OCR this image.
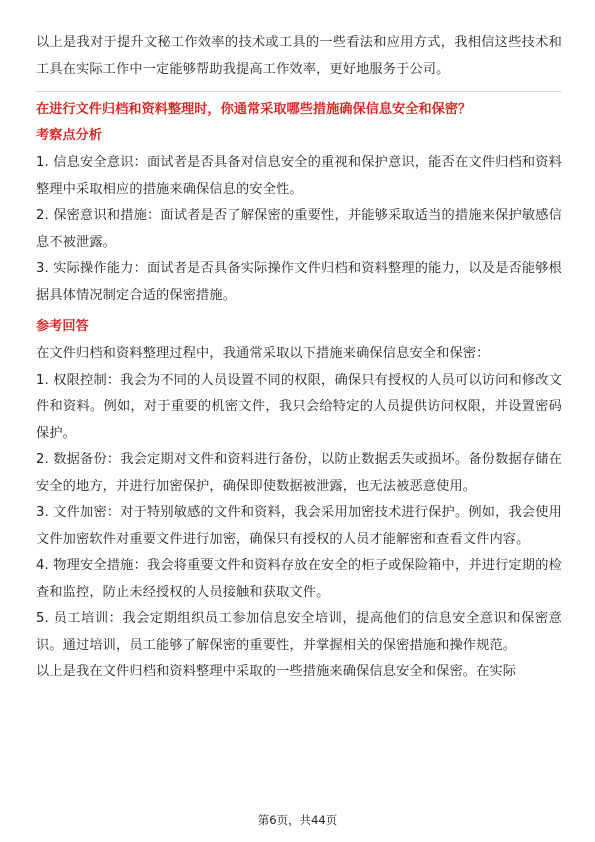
以上是我对于提升文秘工作效率的技术或工具的一些看法和应用方式，我相信这些技术和工具在实际工作中一定能够帮助我提高工作效率，更好地服务于公司。

在进行文件归档和资料整理时，你通常采取哪些措施确保信息安全和保密？

考察点分析

1. 信息安全意识：面试者是否具备对信息安全的重视和保护意识，能否在文件归档和资料整理中采取相应的措施来确保信息的安全性。

2. 保密意识和措施：面试者是否了解保密的重要性，并能够采取适当的措施来保护敏感信息不被泄露。

3. 实际操作能力：面试者是否具备实际操作文件归档和资料整理的能力，以及是否能够根据具体情况制定合适的保密措施。

参考回答

在文件归档和资料整理过程中，我通常采取以下措施来确保信息安全和保密：

1. 权限控制：我会为不同的人员设置不同的权限，确保只有授权的人员可以访问和修改文件和资料。例如，对于重要的机密文件，我只会给特定的人员提供访问权限，并设置密码保护。

2. 数据备份：我会定期对文件和资料进行备份，以防止数据丢失或损坏。备份数据存储在安全的地方，并进行加密保护，确保即使数据被泄露，也无法被恶意使用。

3. 文件加密：对于特别敏感的文件和资料，我会采用加密技术进行保护。例如，我会使用文件加密软件对重要文件进行加密，确保只有授权的人员才能解密和查看文件内容。

4. 物理安全措施：我会将重要文件和资料存放在安全的柜子或保险箱中，并进行定期的检查和监控，防止未经授权的人员接触和获取文件。

5. 员工培训：我会定期组织员工参加信息安全培训，提高他们的信息安全意识和保密意识。通过培训，员工能够了解保密的重要性，并掌握相关的保密措施和操作规范。

以上是我在文件归档和资料整理中采取的一些措施来确保信息安全和保密。在实际

第6页，共44页
